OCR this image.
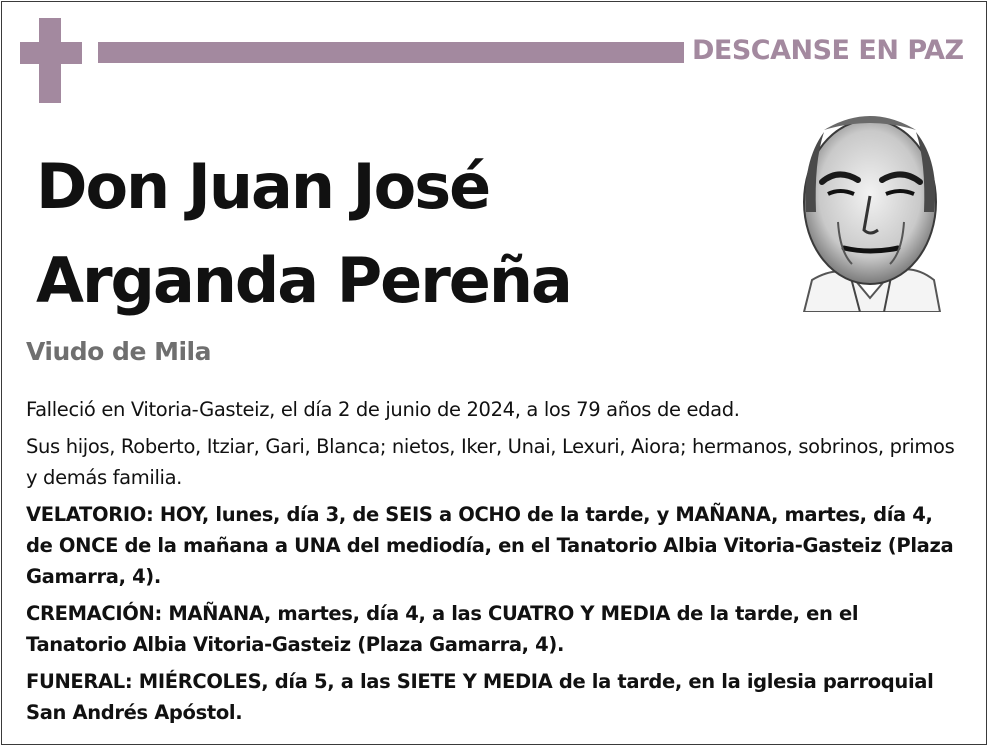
DESCANSE EN PAZ
Don Juan José
Arganda Pereña
Viudo de Mila

Falleció en Vitoria-Gasteiz, el día 2 de junio de 2024, a los 79 años de edad.

Sus hijos, Roberto, Itziar, Gari, Blanca; nietos, Iker, Unai, Lexuri, Aiora; hermanos, sobrinos, primos y demás familia.

VELATORIO: HOY, lunes, día 3, de SEIS a OCHO de la tarde, y MAÑANA, martes, día 4, de ONCE de la mañana a UNA del mediodía, en el Tanatorio Albia Vitoria-Gasteiz (Plaza Gamarra, 4).

CREMACIÓN: MAÑANA, martes, día 4, a las CUATRO Y MEDIA de la tarde, en el Tanatorio Albia Vitoria-Gasteiz (Plaza Gamarra, 4).

FUNERAL: MIÉRCOLES, día 5, a las SIETE Y MEDIA de la tarde, en la iglesia parroquial San Andrés Apóstol.
